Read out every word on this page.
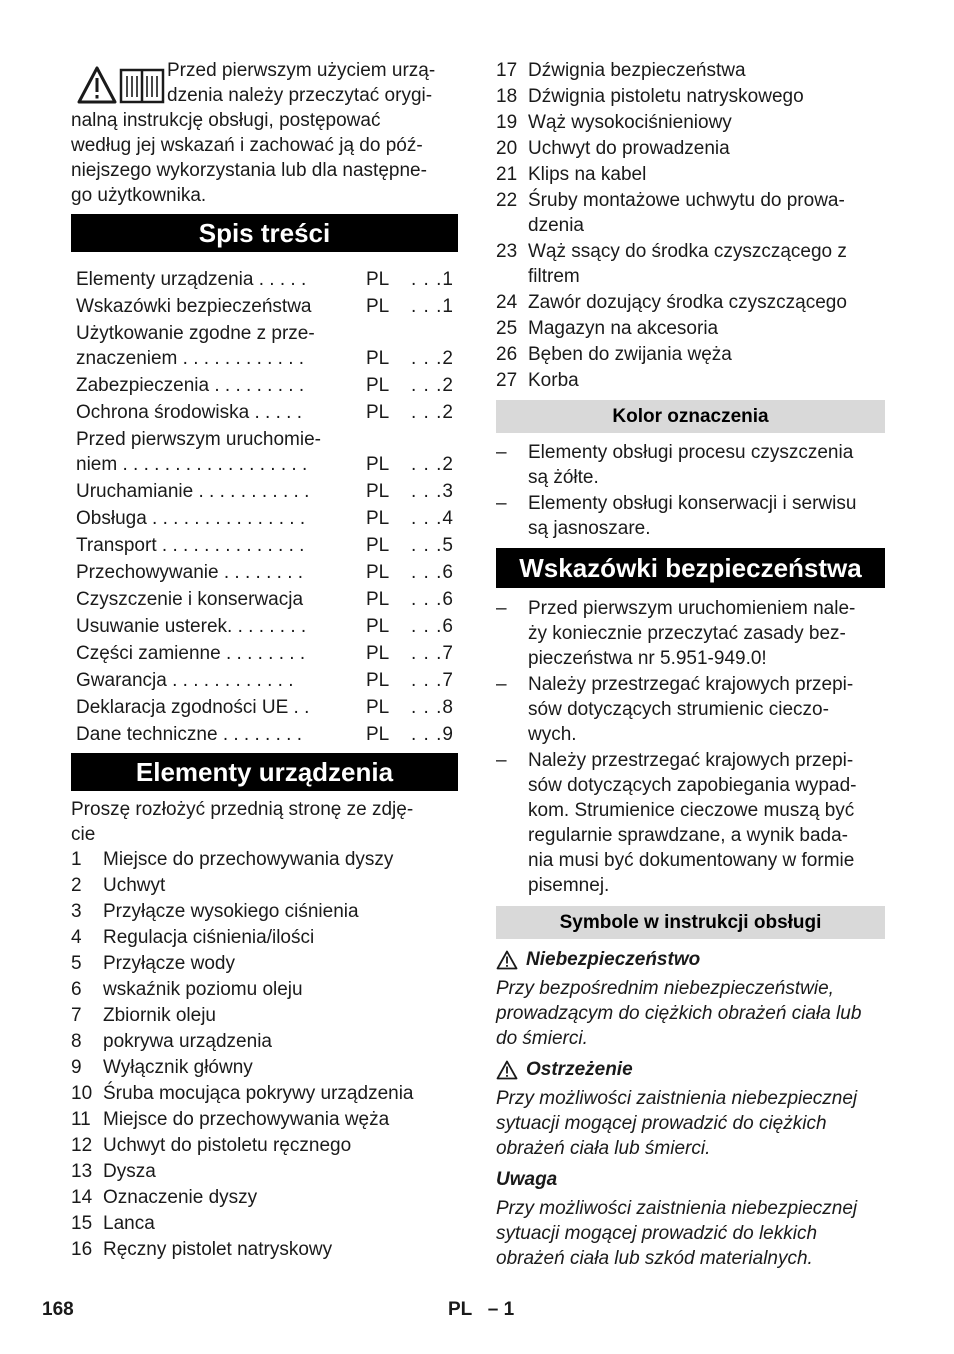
Przed pierwszym użyciem urzą-
dzenia należy przeczytać orygi-
nalną instrukcję obsługi, postępować
według jej wskazań i zachować ją do póź-
niejszego wykorzystania lub dla następne-
go użytkownika.

Spis treści
Elementy urządzenia . . . . .	PL	. . .1
Wskazówki bezpieczeństwa	PL	. . .1
Użytkowanie zgodne z prze-
znaczeniem . . . . . . . . . . . .	PL	. . .2
Zabezpieczenia . . . . . . . . .	PL	. . .2
Ochrona środowiska . . . . .	PL	. . .2
Przed pierwszym uruchomie-
niem . . . . . . . . . . . . . . . . . .	PL	. . .2
Uruchamianie . . . . . . . . . . .	PL	. . .3
Obsługa . . . . . . . . . . . . . . .	PL	. . .4
Transport . . . . . . . . . . . . . .	PL	. . .5
Przechowywanie . . . . . . . .	PL	. . .6
Czyszczenie i konserwacja	PL	. . .6
Usuwanie usterek. . . . . . . .	PL	. . .6
Części zamienne . . . . . . . .	PL	. . .7
Gwarancja . . . . . . . . . . . .	PL	. . .7
Deklaracja zgodności UE . .	PL	. . .8
Dane techniczne . . . . . . . .	PL	. . .9
Elementy urządzenia

Proszę rozłożyć przednią stronę ze zdję-
cie

1	Miejsce do przechowywania dyszy
2	Uchwyt
3	Przyłącze wysokiego ciśnienia
4	Regulacja ciśnienia/ilości
5	Przyłącze wody
6	wskaźnik poziomu oleju
7	Zbiornik oleju
8	pokrywa urządzenia
9	Wyłącznik główny
10 Śruba mocująca pokrywy urządzenia
11 Miejsce do przechowywania węża
12 Uchwyt do pistoletu ręcznego
13 Dysza
14 Oznaczenie dyszy
15 Lanca
16 Ręczny pistolet natryskowy
17 Dźwignia bezpieczeństwa
18 Dźwignia pistoletu natryskowego
19 Wąż wysokociśnieniowy
20 Uchwyt do prowadzenia
21 Klips na kabel
22 Śruby montażowe uchwytu do prowa-
dzenia
23 Wąż ssący do środka czyszczącego z
filtrem
24 Zawór dozujący środka czyszczącego
25 Magazyn na akcesoria
26 Bęben do zwijania węża
27 Korba
Kolor oznaczenia
–	Elementy obsługi procesu czyszczenia
są żółte.
–	Elementy obsługi konserwacji i serwisu
są jasnoszare.
Wskazówki bezpieczeństwa
–	Przed pierwszym uruchomieniem nale-
ży koniecznie przeczytać zasady bez-
pieczeństwa nr 5.951-949.0!
–	Należy przestrzegać krajowych przepi-
sów dotyczących strumienic cieczo-
wych.
–	Należy przestrzegać krajowych przepi-
sów dotyczących zapobiegania wypad-
kom. Strumienice cieczowe muszą być
regularnie sprawdzane, a wynik bada-
nia musi być dokumentowany w formie
pisemnej.
Symbole w instrukcji obsługi
Niebezpieczeństwo

Przy bezpośrednim niebezpieczeństwie,
prowadzącym do ciężkich obrażeń ciała lub
do śmierci.

Ostrzeżenie

Przy możliwości zaistnienia niebezpiecznej
sytuacji mogącej prowadzić do ciężkich
obrażeń ciała lub śmierci.

Uwaga

Przy możliwości zaistnienia niebezpiecznej
sytuacji mogącej prowadzić do lekkich
obrażeń ciała lub szkód materialnych.

168	PL   – 1
